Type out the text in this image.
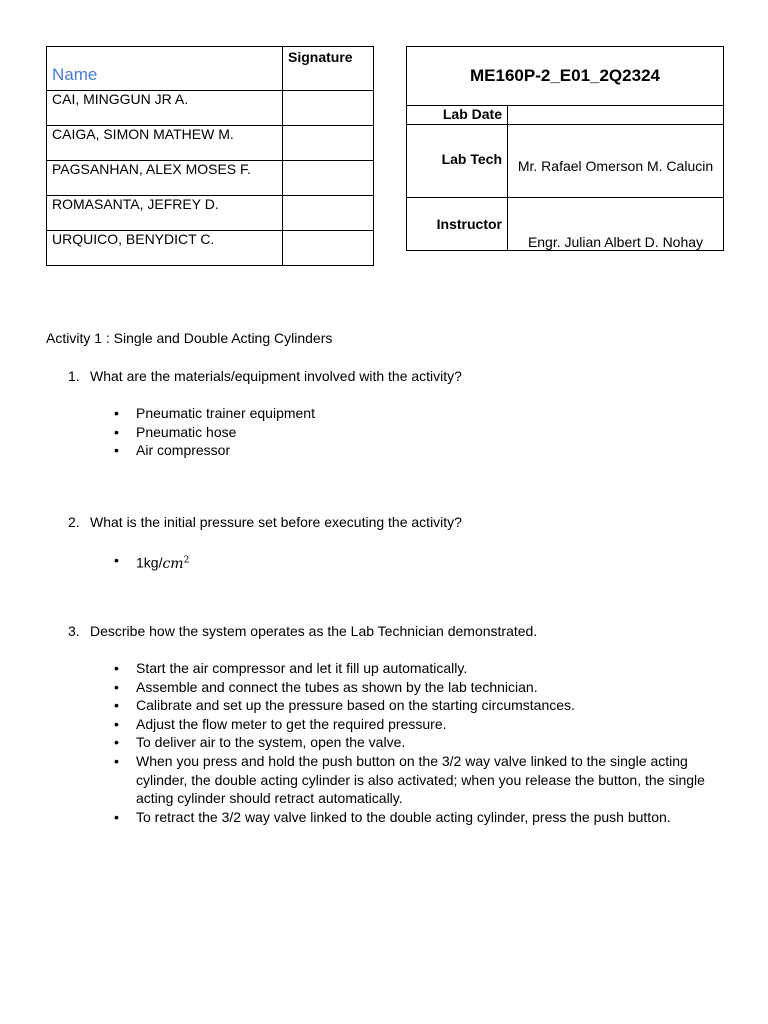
Name	Signature

CAI, MINGGUN JR A.	
CAIGA, SIMON MATHEW M.	
PAGSANHAN, ALEX MOSES F.	
ROMASANTA, JEFREY D.	
URQUICO, BENYDICT C.	
ME160P-2_E01_2Q2324	
Lab Date	
Lab Tech	Mr. Rafael Omerson M. Calucin
Instructor	Engr. Julian Albert D. Nohay
Activity 1 : Single and Double Acting Cylinders
1. What are the materials/equipment involved with the activity?
• Pneumatic trainer equipment
• Pneumatic hose
• Air compressor
2. What is the initial pressure set before executing the activity?
• $1kg/cm^2$
3. Describe how the system operates as the Lab Technician demonstrated.
• Start the air compressor and let it fill up automatically.
• Assemble and connect the tubes as shown by the lab technician.
• Calibrate and set up the pressure based on the starting circumstances.
• Adjust the flow meter to get the required pressure.
• To deliver air to the system, open the valve.
• When you press and hold the push button on the 3/2 way valve linked to the single acting cylinder, the double acting cylinder is also activated; when you release the button, the single acting cylinder should retract automatically.
• To retract the 3/2 way valve linked to the double acting cylinder, press the push button.
